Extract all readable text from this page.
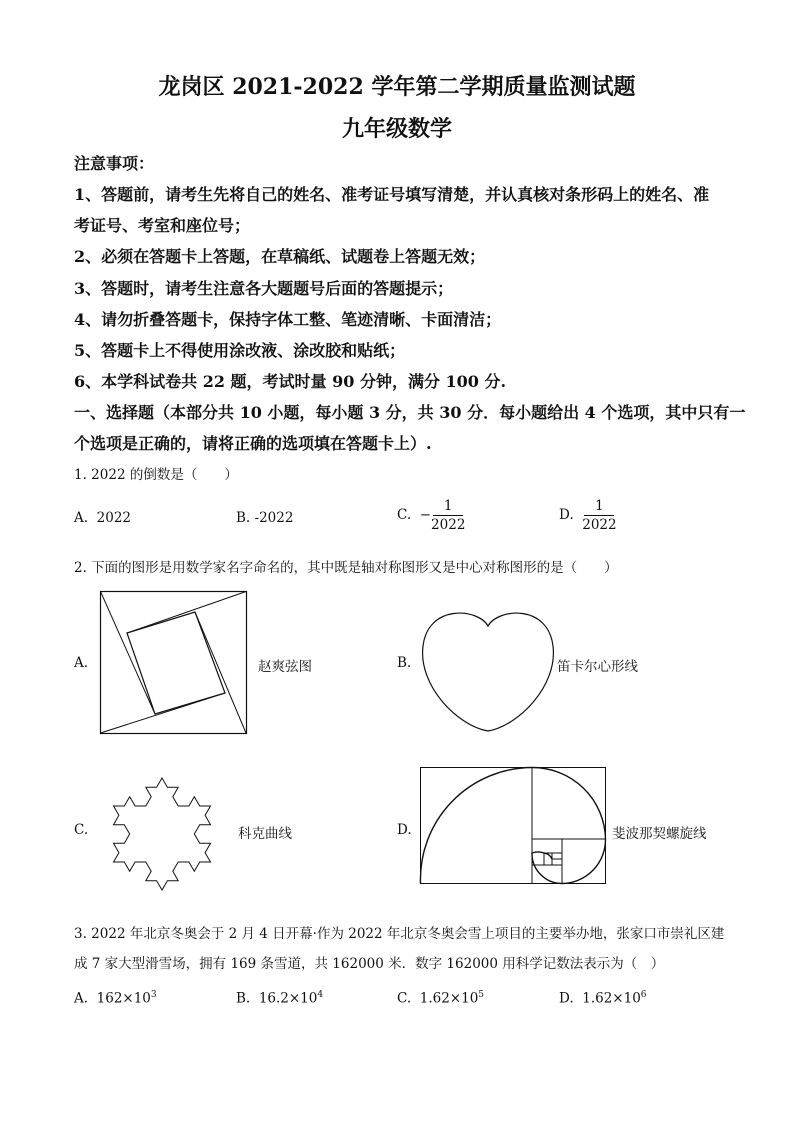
龙岗区 2021-2022 学年第二学期质量监测试题
九年级数学
注意事项：
1、答题前，请考生先将自己的姓名、准考证号填写清楚，并认真核对条形码上的姓名、准
考证号、考室和座位号；
2、必须在答题卡上答题，在草稿纸、试题卷上答题无效；
3、答题时，请考生注意各大题题号后面的答题提示；
4、请勿折叠答题卡，保持字体工整、笔迹清晰、卡面清洁；
5、答题卡上不得使用涂改液、涂改胶和贴纸；
6、本学科试卷共 22 题，考试时量 90 分钟，满分 100 分.
一、选择题（本部分共 10 小题，每小题 3 分，共 30 分．每小题给出 4 个选项，其中只有一
个选项是正确的，请将正确的选项填在答题卡上）.
1. 2022 的倒数是（　　）
A. 2022	B. -2022	C. − $\frac{1}{2022}$	D. $\frac{1}{2022}$
2. 下面的图形是用数学家名字命名的，其中既是轴对称图形又是中心对称图形的是（　　）
A.	赵爽弦图	B.	笛卡尔心形线
C.	科克曲线	D.	斐波那契螺旋线
3. 2022 年北京冬奥会于 2 月 4 日开幕·作为 2022 年北京冬奥会雪上项目的主要举办地，张家口市崇礼区建
成 7 家大型滑雪场，拥有 169 条雪道，共 162000 米．数字 162000 用科学记数法表示为（　）
A. $162\times 10^3$	B. $16.2\times 10^4$	C. $1.62\times 10^5$	D. $1.62\times 10^6$
